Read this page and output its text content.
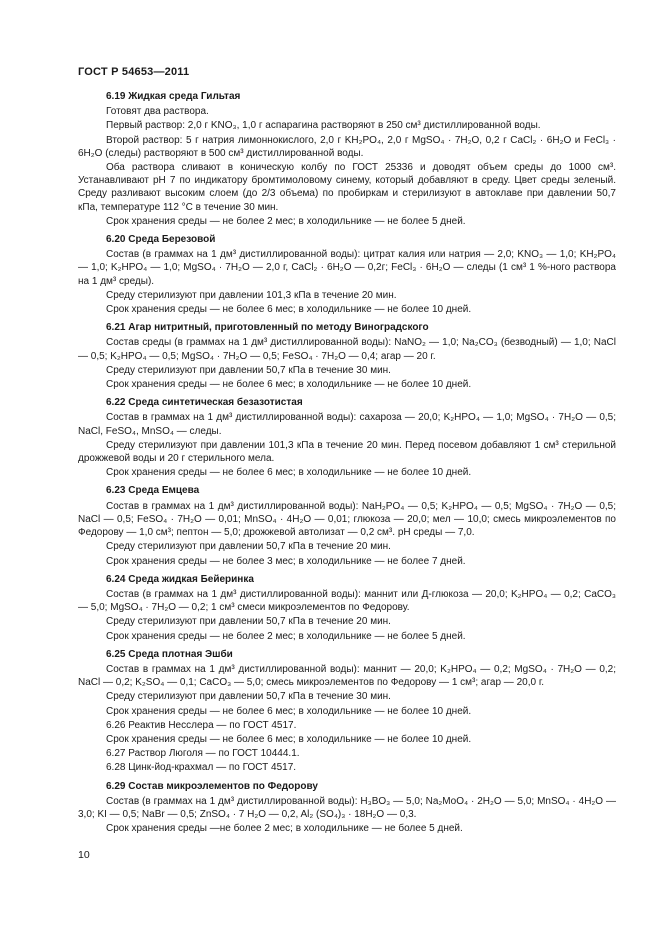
ГОСТ Р 54653—2011
6.19 Жидкая среда Гильтая
Готовят два раствора.
Первый раствор: 2,0 г KNO₃, 1,0 г аспарагина растворяют в 250 см³ дистиллированной воды.
Второй раствор: 5 г натрия лимоннокислого, 2,0 г KH₂PO₄, 2,0 г MgSO₄ · 7H₂O, 0,2 г CaCl₂ · 6H₂O и FeCl₃ · 6H₂O (следы) растворяют в 500 см³ дистиллированной воды.
Оба раствора сливают в коническую колбу по ГОСТ 25336 и доводят объем среды до 1000 см³. Устанавливают pH 7 по индикатору бромтимоловому синему, который добавляют в среду. Цвет среды зеленый. Среду разливают высоким слоем (до 2/3 объема) по пробиркам и стерилизуют в автоклаве при давлении 50,7 кПа, температуре 112 °C в течение 30 мин.
Срок хранения среды — не более 2 мес; в холодильнике — не более 5 дней.
6.20 Среда Березовой
Состав (в граммах на 1 дм³ дистиллированной воды): цитрат калия или натрия — 2,0; KNO₃ — 1,0; KH₂PO₄ — 1,0; K₂HPO₄ — 1,0; MgSO₄ · 7H₂O — 2,0 г, CaCl₂ · 6H₂O — 0,2г; FeCl₃ · 6H₂O — следы (1 см³ 1 %-ного раствора на 1 дм³ среды).
Среду стерилизуют при давлении 101,3 кПа в течение 20 мин.
Срок хранения среды — не более 6 мес; в холодильнике — не более 10 дней.
6.21 Агар нитритный, приготовленный по методу Виноградского
Состав среды (в граммах на 1 дм³ дистиллированной воды): NaNO₂ — 1,0; Na₂CO₃ (безводный) — 1,0; NaCl — 0,5; K₂HPO₄ — 0,5; MgSO₄ · 7H₂O — 0,5; FeSO₄ · 7H₂O — 0,4; агар — 20 г.
Среду стерилизуют при давлении 50,7 кПа в течение 30 мин.
Срок хранения среды — не более 6 мес; в холодильнике — не более 10 дней.
6.22 Среда синтетическая безазотистая
Состав в граммах на 1 дм³ дистиллированной воды): сахароза — 20,0; K₂HPO₄ — 1,0; MgSO₄ · 7H₂O — 0,5; NaCl, FeSO₄, MnSO₄ — следы.
Среду стерилизуют при давлении 101,3 кПа в течение 20 мин. Перед посевом добавляют 1 см³ стерильной дрожжевой воды и 20 г стерильного мела.
Срок хранения среды — не более 6 мес; в холодильнике — не более 10 дней.
6.23 Среда Емцева
Состав в граммах на 1 дм³ дистиллированной воды): NaH₂PO₄ — 0,5; K₂HPO₄ — 0,5; MgSO₄ · 7H₂O — 0,5; NaCl — 0,5; FeSO₄ · 7H₂O — 0,01; MnSO₄ · 4H₂O — 0,01; глюкоза — 20,0; мел — 10,0; смесь микроэлементов по Федорову — 1,0 см³; пептон — 5,0; дрожжевой автолизат — 0,2 см³. pH среды — 7,0.
Среду стерилизуют при давлении 50,7 кПа в течение 20 мин.
Срок хранения среды — не более 3 мес; в холодильнике — не более 7 дней.
6.24 Среда жидкая Бейеринка
Состав (в граммах на 1 дм³ дистиллированной воды): маннит или Д-глюкоза — 20,0; K₂HPO₄ — 0,2; CaCO₃ — 5,0; MgSO₄ · 7H₂O — 0,2; 1 см³ смеси микроэлементов по Федорову.
Среду стерилизуют при давлении 50,7 кПа в течение 20 мин.
Срок хранения среды — не более 2 мес; в холодильнике — не более 5 дней.
6.25 Среда плотная Эшби
Состав в граммах на 1 дм³ дистиллированной воды): маннит — 20,0; K₂HPO₄ — 0,2; MgSO₄ · 7H₂O — 0,2; NaCl — 0,2; K₂SO₄ — 0,1; CaCO₃ — 5,0; смесь микроэлементов по Федорову — 1 см³; агар — 20,0 г.
Среду стерилизуют при давлении 50,7 кПа в течение 30 мин.
Срок хранения среды — не более 6 мес; в холодильнике — не более 10 дней.
6.26 Реактив Несслера — по ГОСТ 4517.
Срок хранения среды — не более 6 мес; в холодильнике — не более 10 дней.
6.27 Раствор Люголя — по ГОСТ 10444.1.
6.28 Цинк-йод-крахмал — по ГОСТ 4517.
6.29 Состав микроэлементов по Федорову
Состав (в граммах на 1 дм³ дистиллированной воды): H₃BO₃ — 5,0; Na₂MoO₄ · 2H₂O — 5,0; MnSO₄ · 4H₂O — 3,0; KI — 0,5; NaBr — 0,5; ZnSO₄ · 7 H₂O — 0,2, Al₂ (SO₄)₃ · 18H₂O — 0,3.
Срок хранения среды —не более 2 мес; в холодильнике — не более 5 дней.
10
